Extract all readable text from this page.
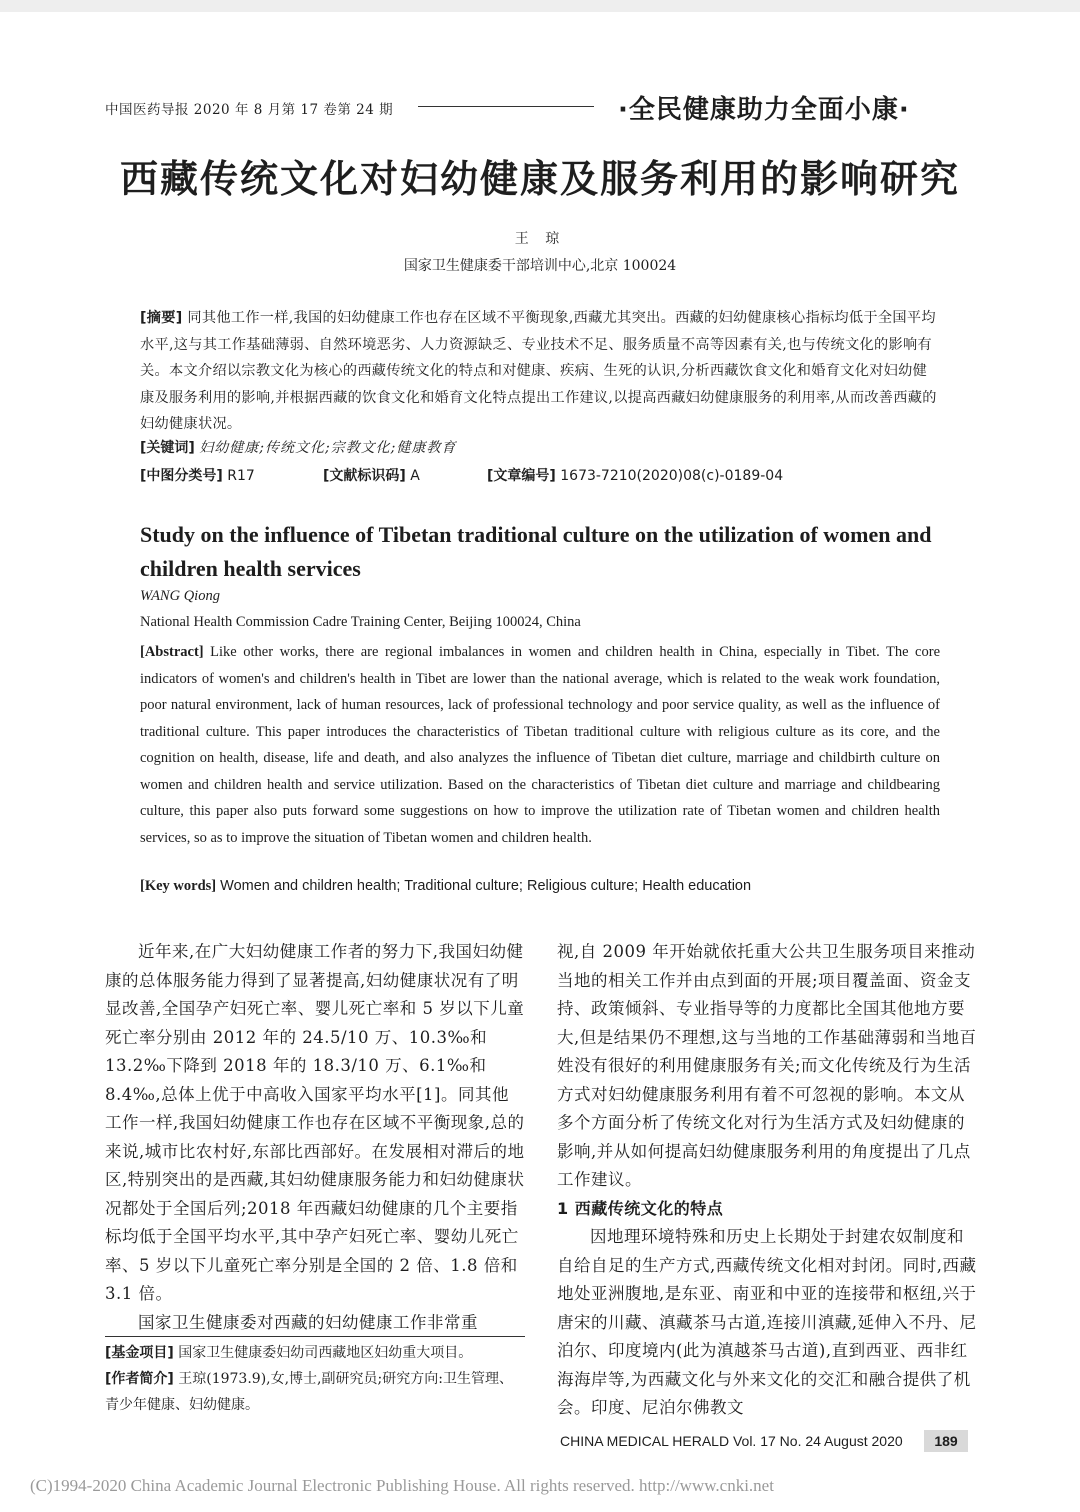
中国医药导报 2020 年 8 月第 17 卷第 24 期	·全民健康助力全面小康·
西藏传统文化对妇幼健康及服务利用的影响研究
王 琼
国家卫生健康委干部培训中心,北京 100024
[摘要] 同其他工作一样,我国的妇幼健康工作也存在区域不平衡现象,西藏尤其突出。西藏的妇幼健康核心指标均低于全国平均水平,这与其工作基础薄弱、自然环境恶劣、人力资源缺乏、专业技术不足、服务质量不高等因素有关,也与传统文化的影响有关。本文介绍以宗教文化为核心的西藏传统文化的特点和对健康、疾病、生死的认识,分析西藏饮食文化和婚育文化对妇幼健康及服务利用的影响,并根据西藏的饮食文化和婚育文化特点提出工作建议,以提高西藏妇幼健康服务的利用率,从而改善西藏的妇幼健康状况。
[关键词] 妇幼健康;传统文化;宗教文化;健康教育
[中图分类号] R17	[文献标识码] A	[文章编号] 1673-7210(2020)08(c)-0189-04
Study on the influence of Tibetan traditional culture on the utilization of women and children health services
WANG Qiong
National Health Commission Cadre Training Center, Beijing 100024, China
[Abstract] Like other works, there are regional imbalances in women and children health in China, especially in Tibet. The core indicators of women's and children's health in Tibet are lower than the national average, which is related to the weak work foundation, poor natural environment, lack of human resources, lack of professional technology and poor service quality, as well as the influence of traditional culture. This paper introduces the characteristics of Tibetan traditional culture with religious culture as its core, and the cognition on health, disease, life and death, and also analyzes the influence of Tibetan diet culture, marriage and childbirth culture on women and children health and service utilization. Based on the characteristics of Tibetan diet culture and marriage and childbearing culture, this paper also puts forward some suggestions on how to improve the utilization rate of Tibetan women and children health services, so as to improve the situation of Tibetan women and children health.
[Key words] Women and children health; Traditional culture; Religious culture; Health education

近年来,在广大妇幼健康工作者的努力下,我国妇幼健康的总体服务能力得到了显著提高,妇幼健康状况有了明显改善,全国孕产妇死亡率、婴儿死亡率和 5 岁以下儿童死亡率分别由 2012 年的 24.5/10 万、10.3‰和 13.2‰下降到 2018 年的 18.3/10 万、6.1‰和 8.4‰,总体上优于中高收入国家平均水平[1]。同其他工作一样,我国妇幼健康工作也存在区域不平衡现象,总的来说,城市比农村好,东部比西部好。在发展相对滞后的地区,特别突出的是西藏,其妇幼健康服务能力和妇幼健康状况都处于全国后列;2018 年西藏妇幼健康的几个主要指标均低于全国平均水平,其中孕产妇死亡率、婴幼儿死亡率、5 岁以下儿童死亡率分别是全国的 2 倍、1.8 倍和 3.1 倍。

国家卫生健康委对西藏的妇幼健康工作非常重

[基金项目] 国家卫生健康委妇幼司西藏地区妇幼重大项目。

[作者简介] 王琼(1973.9),女,博士,副研究员;研究方向:卫生管理、青少年健康、妇幼健康。

视,自 2009 年开始就依托重大公共卫生服务项目来推动当地的相关工作并由点到面的开展;项目覆盖面、资金支持、政策倾斜、专业指导等的力度都比全国其他地方要大,但是结果仍不理想,这与当地的工作基础薄弱和当地百姓没有很好的利用健康服务有关;而文化传统及行为生活方式对妇幼健康服务利用有着不可忽视的影响。本文从多个方面分析了传统文化对行为生活方式及妇幼健康的影响,并从如何提高妇幼健康服务利用的角度提出了几点工作建议。

1 西藏传统文化的特点

因地理环境特殊和历史上长期处于封建农奴制度和自给自足的生产方式,西藏传统文化相对封闭。同时,西藏地处亚洲腹地,是东亚、南亚和中亚的连接带和枢纽,兴于唐宋的川藏、滇藏茶马古道,连接川滇藏,延伸入不丹、尼泊尔、印度境内(此为滇越茶马古道),直到西亚、西非红海海岸等,为西藏文化与外来文化的交汇和融合提供了机会。印度、尼泊尔佛教文

CHINA MEDICAL HERALD Vol. 17 No. 24 August 2020	189
(C)1994-2020 China Academic Journal Electronic Publishing House. All rights reserved. http://www.cnki.net
